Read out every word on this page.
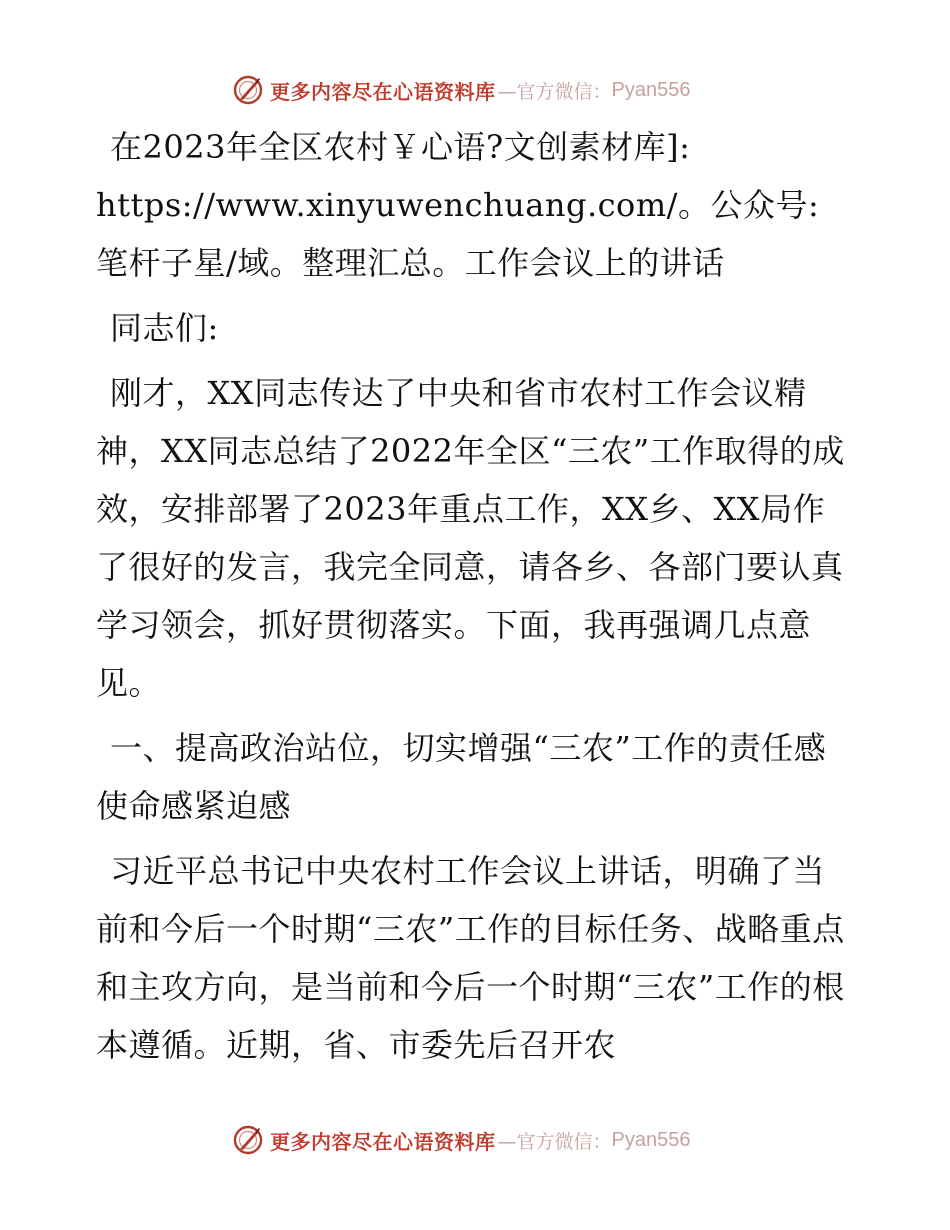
更多内容尽在心语资料库 —官方微信： Pyan556

在2023年全区农村￥心语?文创素材库]: https://www.xinyuwenchuang.com/。公众号: 笔杆子星/域。整理汇总。工作会议上的讲话

同志们:

刚才，XX同志传达了中央和省市农村工作会议精神，XX同志总结了2022年全区“三农”工作取得的成效，安排部署了2023年重点工作，XX乡、XX局作了很好的发言，我完全同意，请各乡、各部门要认真学习领会，抓好贯彻落实。下面，我再强调几点意见。

一、提高政治站位，切实增强“三农”工作的责任感使命感紧迫感

习近平总书记中央农村工作会议上讲话，明确了当前和今后一个时期“三农”工作的目标任务、战略重点和主攻方向，是当前和今后一个时期“三农”工作的根本遵循。近期，省、市委先后召开农

更多内容尽在心语资料库 —官方微信： Pyan556
